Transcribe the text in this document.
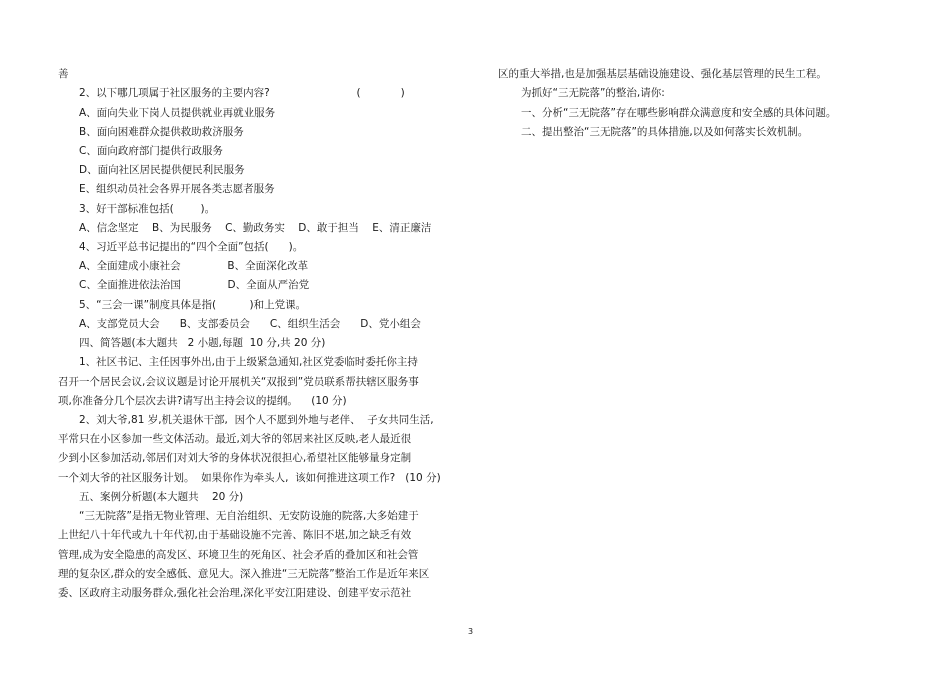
善
2、以下哪几项属于社区服务的主要内容?                          (            )
A、面向失业下岗人员提供就业再就业服务
B、面向困难群众提供救助救济服务
C、面向政府部门提供行政服务
D、面向社区居民提供便民利民服务
E、组织动员社会各界开展各类志愿者服务
3、好干部标准包括(        )。
A、信念坚定    B、为民服务    C、勤政务实    D、敢于担当    E、清正廉洁
4、习近平总书记提出的“四个全面”包括(      )。
A、全面建成小康社会              B、全面深化改革
C、全面推进依法治国              D、全面从严治党
5、“三会一课”制度具体是指(          )和上党课。
A、支部党员大会      B、支部委员会      C、组织生活会      D、党小组会
四、简答题(本大题共   2 小题,每题  10 分,共 20 分)
1、社区书记、主任因事外出,由于上级紧急通知,社区党委临时委托你主持
召开一个居民会议,会议议题是讨论开展机关“双报到”党员联系帮扶辖区服务事
项,你准备分几个层次去讲?请写出主持会议的提纲。    (10 分)
2、刘大爷,81 岁,机关退休干部,  因个人不愿到外地与老伴、  子女共同生活,
平常只在小区参加一些文体活动。最近,刘大爷的邻居来社区反映,老人最近很
少到小区参加活动,邻居们对刘大爷的身体状况很担心,希望社区能够量身定制
一个刘大爷的社区服务计划。  如果你作为牵头人,  该如何推进这项工作?   (10 分)
五、案例分析题(本大题共    20 分)
“三无院落”是指无物业管理、无自治组织、无安防设施的院落,大多始建于
上世纪八十年代或九十年代初,由于基础设施不完善、陈旧不堪,加之缺乏有效
管理,成为安全隐患的高发区、环境卫生的死角区、社会矛盾的叠加区和社会管
理的复杂区,群众的安全感低、意见大。深入推进“三无院落”整治工作是近年来区
委、区政府主动服务群众,强化社会治理,深化平安江阳建设、创建平安示范社
区的重大举措,也是加强基层基础设施建设、强化基层管理的民生工程。
为抓好“三无院落”的整治,请你:
一、分析“三无院落”存在哪些影响群众满意度和安全感的具体问题。
二、提出整治“三无院落”的具体措施,以及如何落实长效机制。
3
